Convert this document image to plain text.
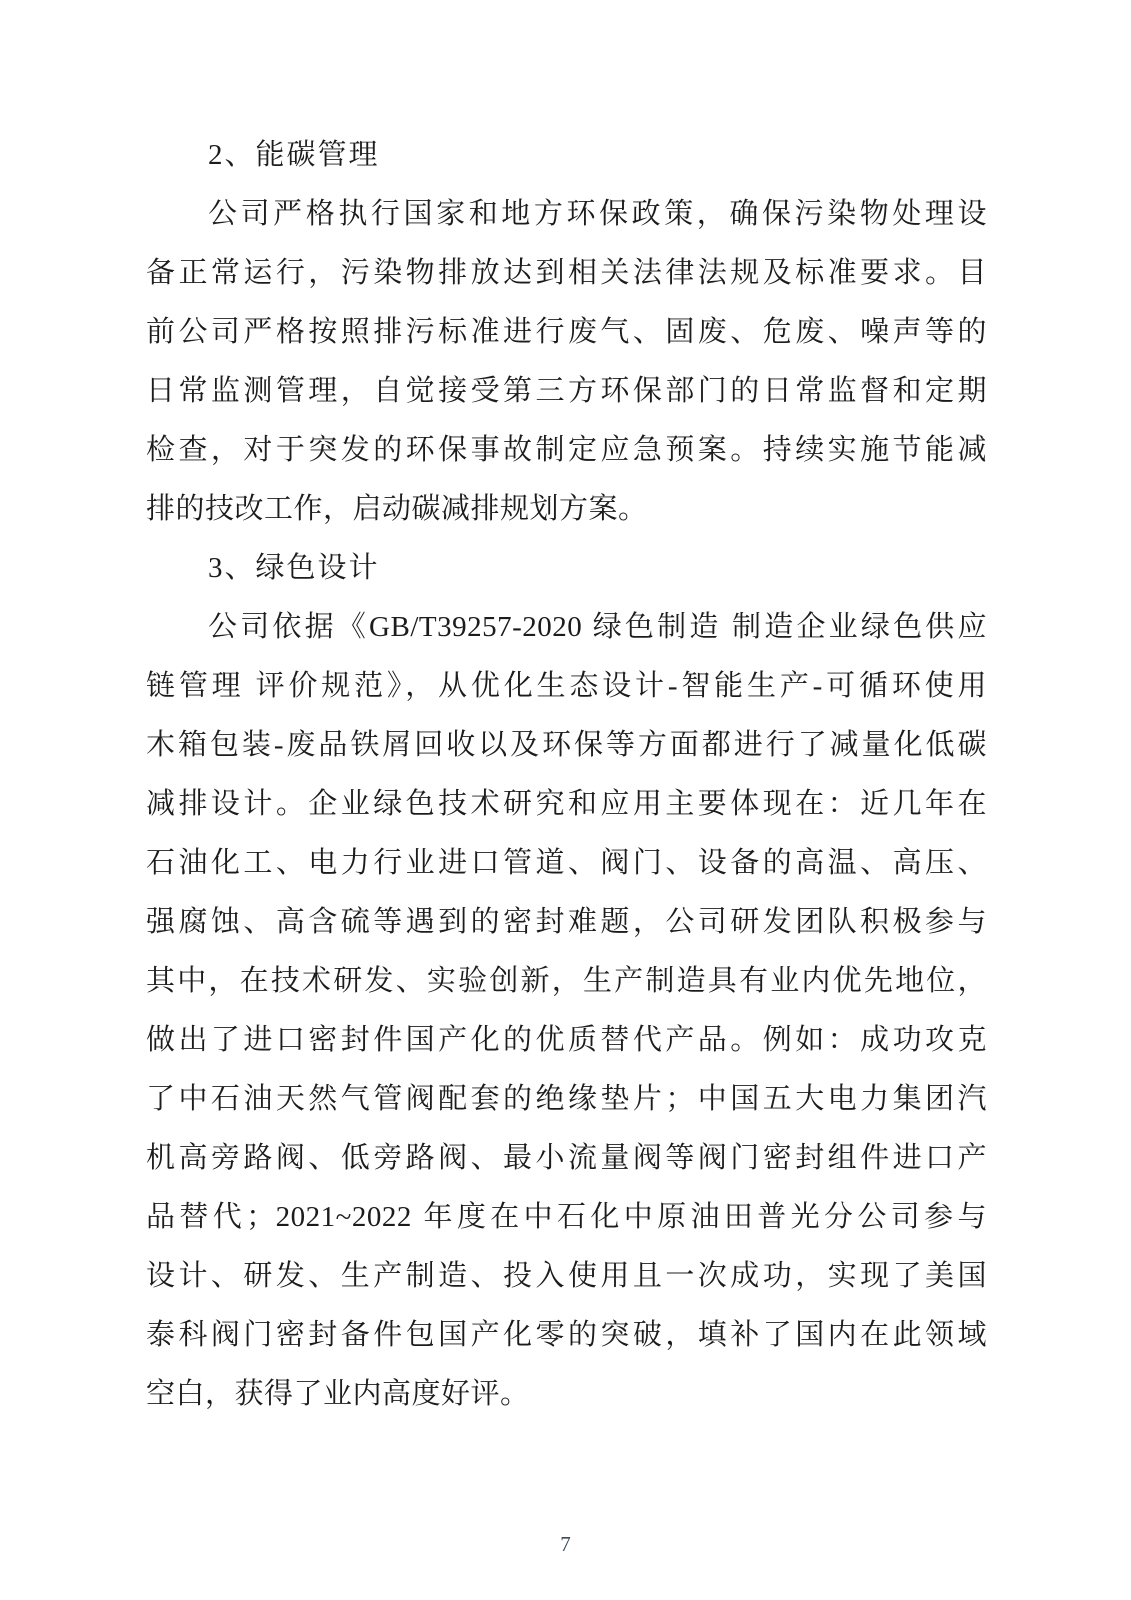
2、能碳管理
公司严格执行国家和地方环保政策，确保污染物处理设
备正常运行，污染物排放达到相关法律法规及标准要求。目
前公司严格按照排污标准进行废气、固废、危废、噪声等的
日常监测管理，自觉接受第三方环保部门的日常监督和定期
检查，对于突发的环保事故制定应急预案。持续实施节能减
排的技改工作，启动碳减排规划方案。
3、绿色设计
公司依据《GB/T39257-2020 绿色制造 制造企业绿色供应
链管理 评价规范》，从优化生态设计-智能生产-可循环使用
木箱包装-废品铁屑回收以及环保等方面都进行了减量化低碳
减排设计。企业绿色技术研究和应用主要体现在：近几年在
石油化工、电力行业进口管道、阀门、设备的高温、高压、
强腐蚀、高含硫等遇到的密封难题，公司研发团队积极参与
其中，在技术研发、实验创新，生产制造具有业内优先地位，
做出了进口密封件国产化的优质替代产品。例如：成功攻克
了中石油天然气管阀配套的绝缘垫片；中国五大电力集团汽
机高旁路阀、低旁路阀、最小流量阀等阀门密封组件进口产
品替代；2021~2022 年度在中石化中原油田普光分公司参与
设计、研发、生产制造、投入使用且一次成功，实现了美国
泰科阀门密封备件包国产化零的突破，填补了国内在此领域
空白，获得了业内高度好评。
7
